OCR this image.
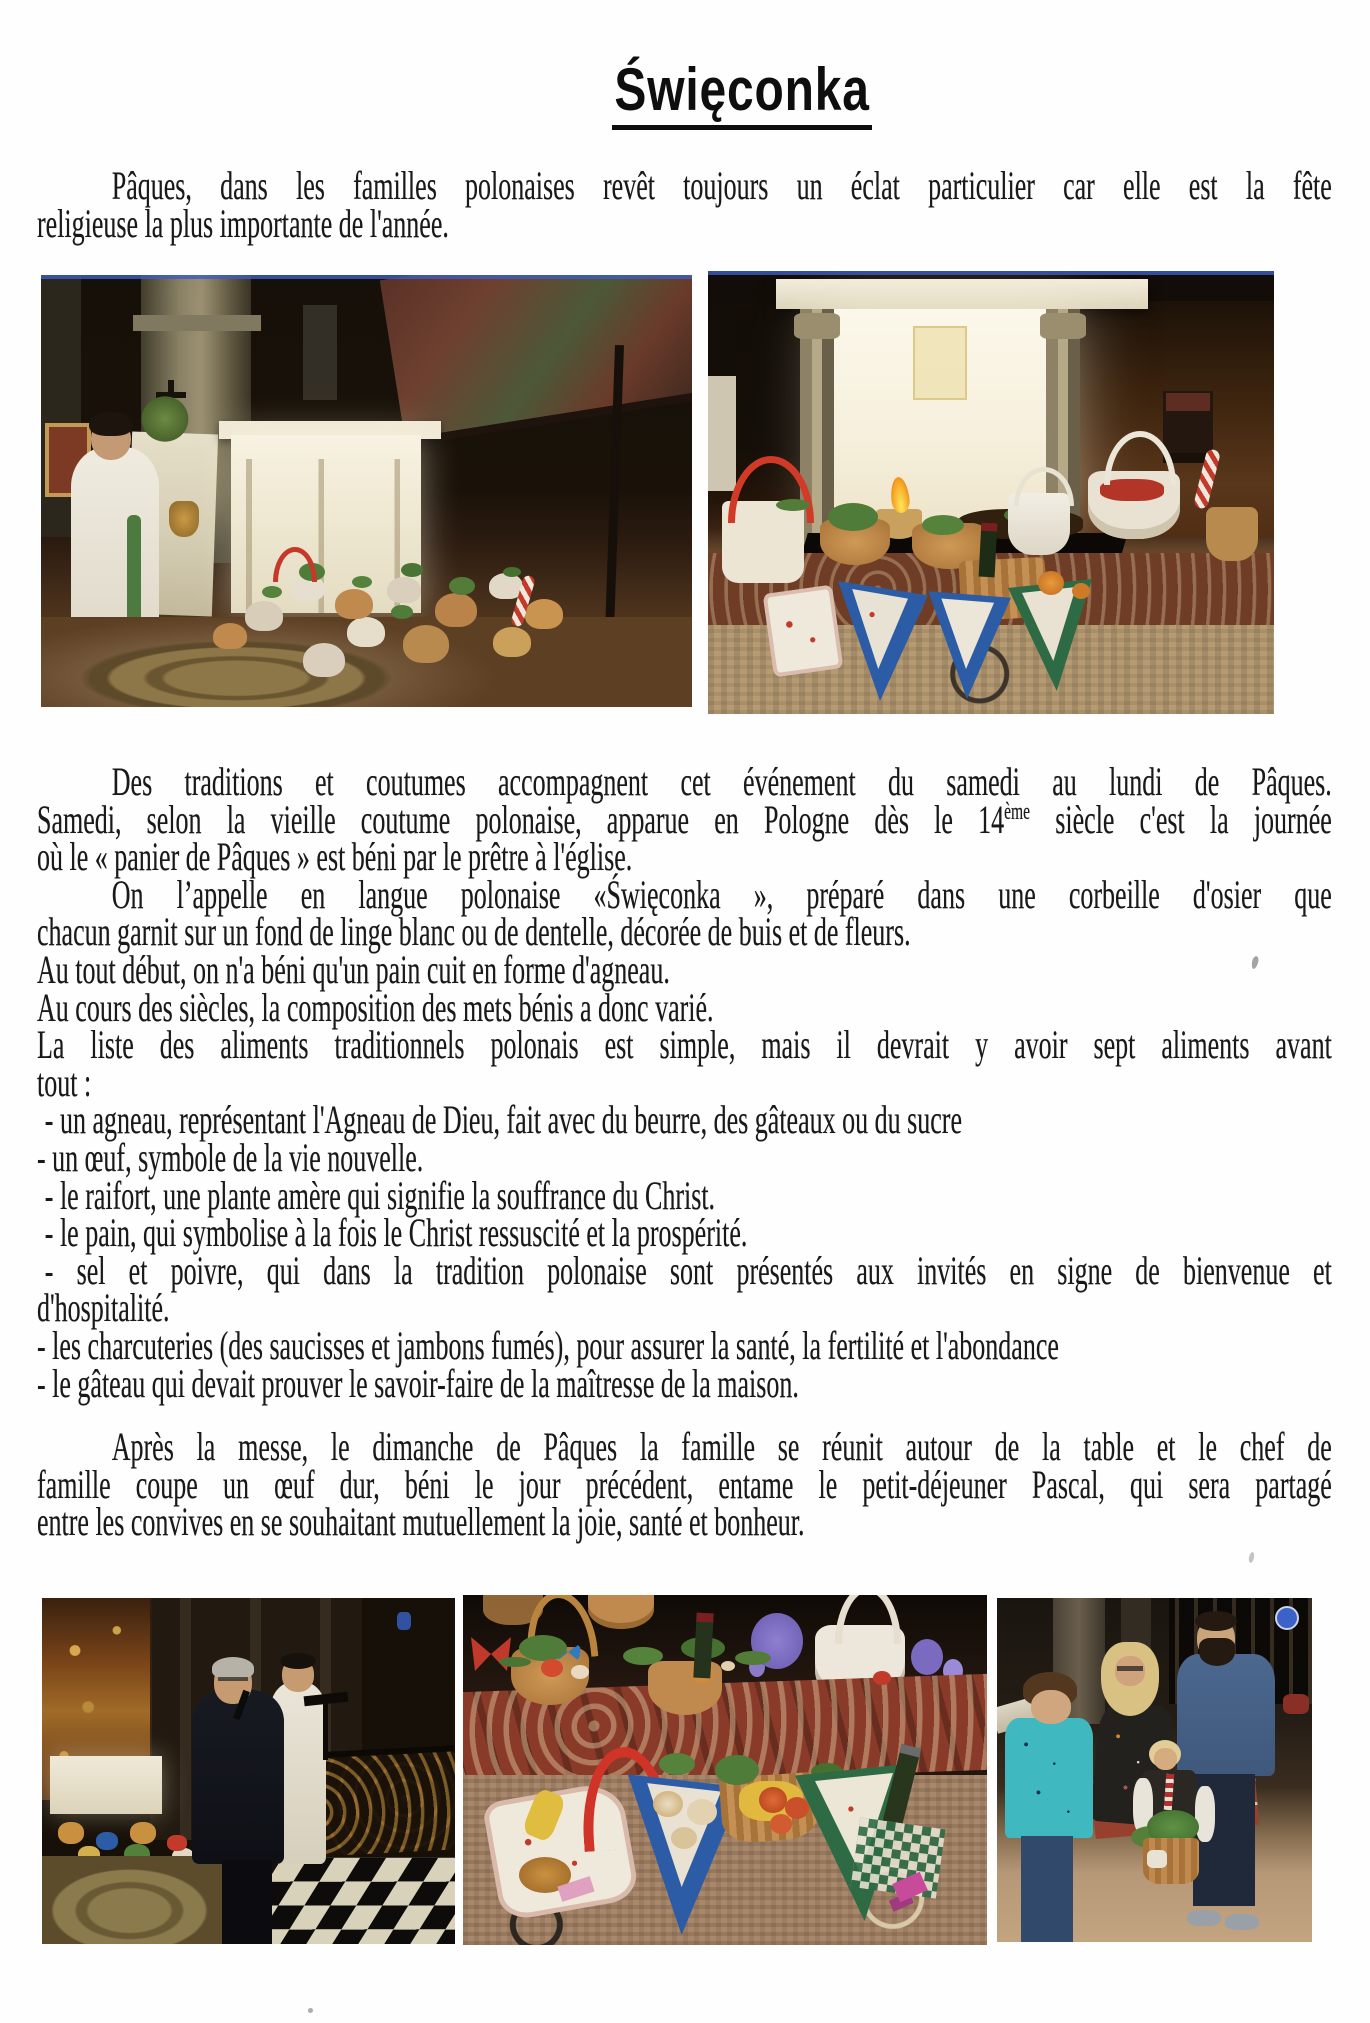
Święconka
Pâques, dans les familles polonaises revêt toujours un éclat particulier car elle est la fête
religieuse la plus importante de l'année.
Des traditions et coutumes accompagnent cet événement du samedi au lundi de Pâques.
Samedi, selon la vieille coutume polonaise, apparue en Pologne dès le 14ème siècle c'est la journée
où le « panier de Pâques » est béni par le prêtre à l'église.
On l’appelle en langue polonaise «Święconka », préparé dans une corbeille d'osier que
chacun garnit sur un fond de linge blanc ou de dentelle, décorée de buis et de fleurs.
Au tout début, on n'a béni qu'un pain cuit en forme d'agneau.
Au cours des siècles, la composition des mets bénis a donc varié.
La liste des aliments traditionnels polonais est simple, mais il devrait y avoir sept aliments avant
tout :
- un agneau, représentant l'Agneau de Dieu, fait avec du beurre, des gâteaux ou du sucre
- un œuf, symbole de la vie nouvelle.
- le raifort, une plante amère qui signifie la souffrance du Christ.
- le pain, qui symbolise à la fois le Christ ressuscité et la prospérité.
- sel et poivre, qui dans la tradition polonaise sont présentés aux invités en signe de bienvenue et
d'hospitalité.
- les charcuteries (des saucisses et jambons fumés), pour assurer la santé, la fertilité et l'abondance
- le gâteau qui devait prouver le savoir-faire de la maîtresse de la maison.
Après la messe, le dimanche de Pâques la famille se réunit autour de la table et le chef de
famille coupe un œuf dur, béni le jour précédent, entame le petit-déjeuner Pascal, qui sera partagé
entre les convives en se souhaitant mutuellement la joie, santé et bonheur.
